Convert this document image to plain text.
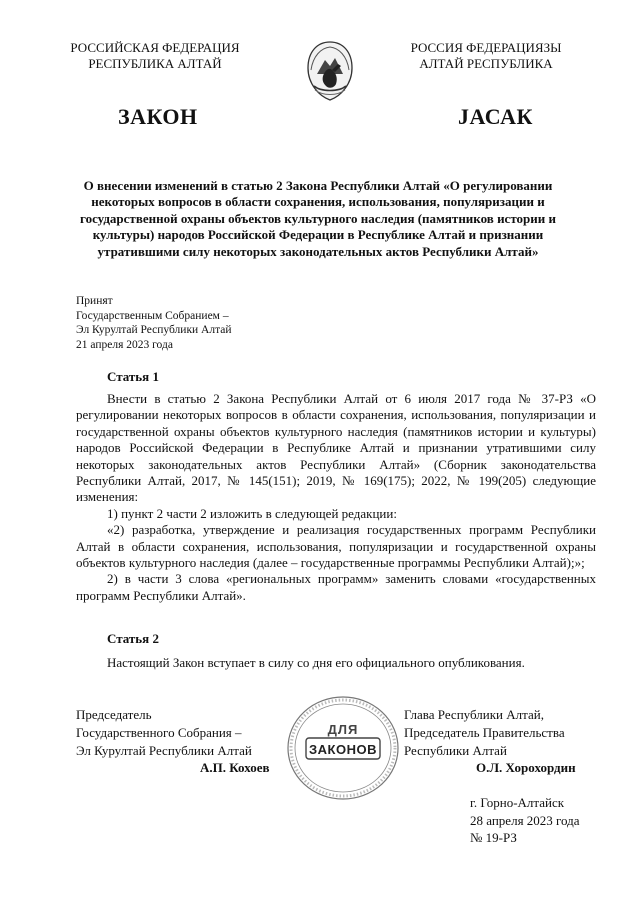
РОССИЙСКАЯ ФЕДЕРАЦИЯ
РЕСПУБЛИКА АЛТАЙ
РОССИЯ ФЕДЕРАЦИЯЗЫ
АЛТАЙ РЕСПУБЛИКА
ЗАКОН	JАСАК
О внесении изменений в статью 2 Закона Республики Алтай «О регулировании некоторых вопросов в области сохранения, использования, популяризации и государственной охраны объектов культурного наследия (памятников истории и культуры) народов Российской Федерации в Республике Алтай и признании утратившими силу некоторых законодательных актов Республики Алтай»
Принят
Государственным Собранием –
Эл Курултай Республики Алтай
21 апреля 2023 года
Статья 1

Внести в статью 2 Закона Республики Алтай от 6 июля 2017 года № 37-РЗ «О регулировании некоторых вопросов в области сохранения, использования, популяризации и государственной охраны объектов культурного наследия (памятников истории и культуры) народов Российской Федерации в Республике Алтай и признании утратившими силу некоторых законодательных актов Республики Алтай» (Сборник законодательства Республики Алтай, 2017, № 145(151); 2019, № 169(175); 2022, № 199(205) следующие изменения:

1) пункт 2 части 2 изложить в следующей редакции:

«2) разработка, утверждение и реализация государственных программ Республики Алтай в области сохранения, использования, популяризации и государственной охраны объектов культурного наследия (далее – государственные программы Республики Алтай);»;

2) в части 3 слова «региональных программ» заменить словами «государственных программ Республики Алтай».

Статья 2
Настоящий Закон вступает в силу со дня его официального опубликования.
Председатель
Государственного Собрания –
Эл Курултай Республики Алтай
А.П. Кохоев
ДЛЯ
ЗАКОНОВ
Глава Республики Алтай,
Председатель Правительства
Республики Алтай
О.Л. Хорохордин
г. Горно-Алтайск
28 апреля 2023 года
№ 19-РЗ
